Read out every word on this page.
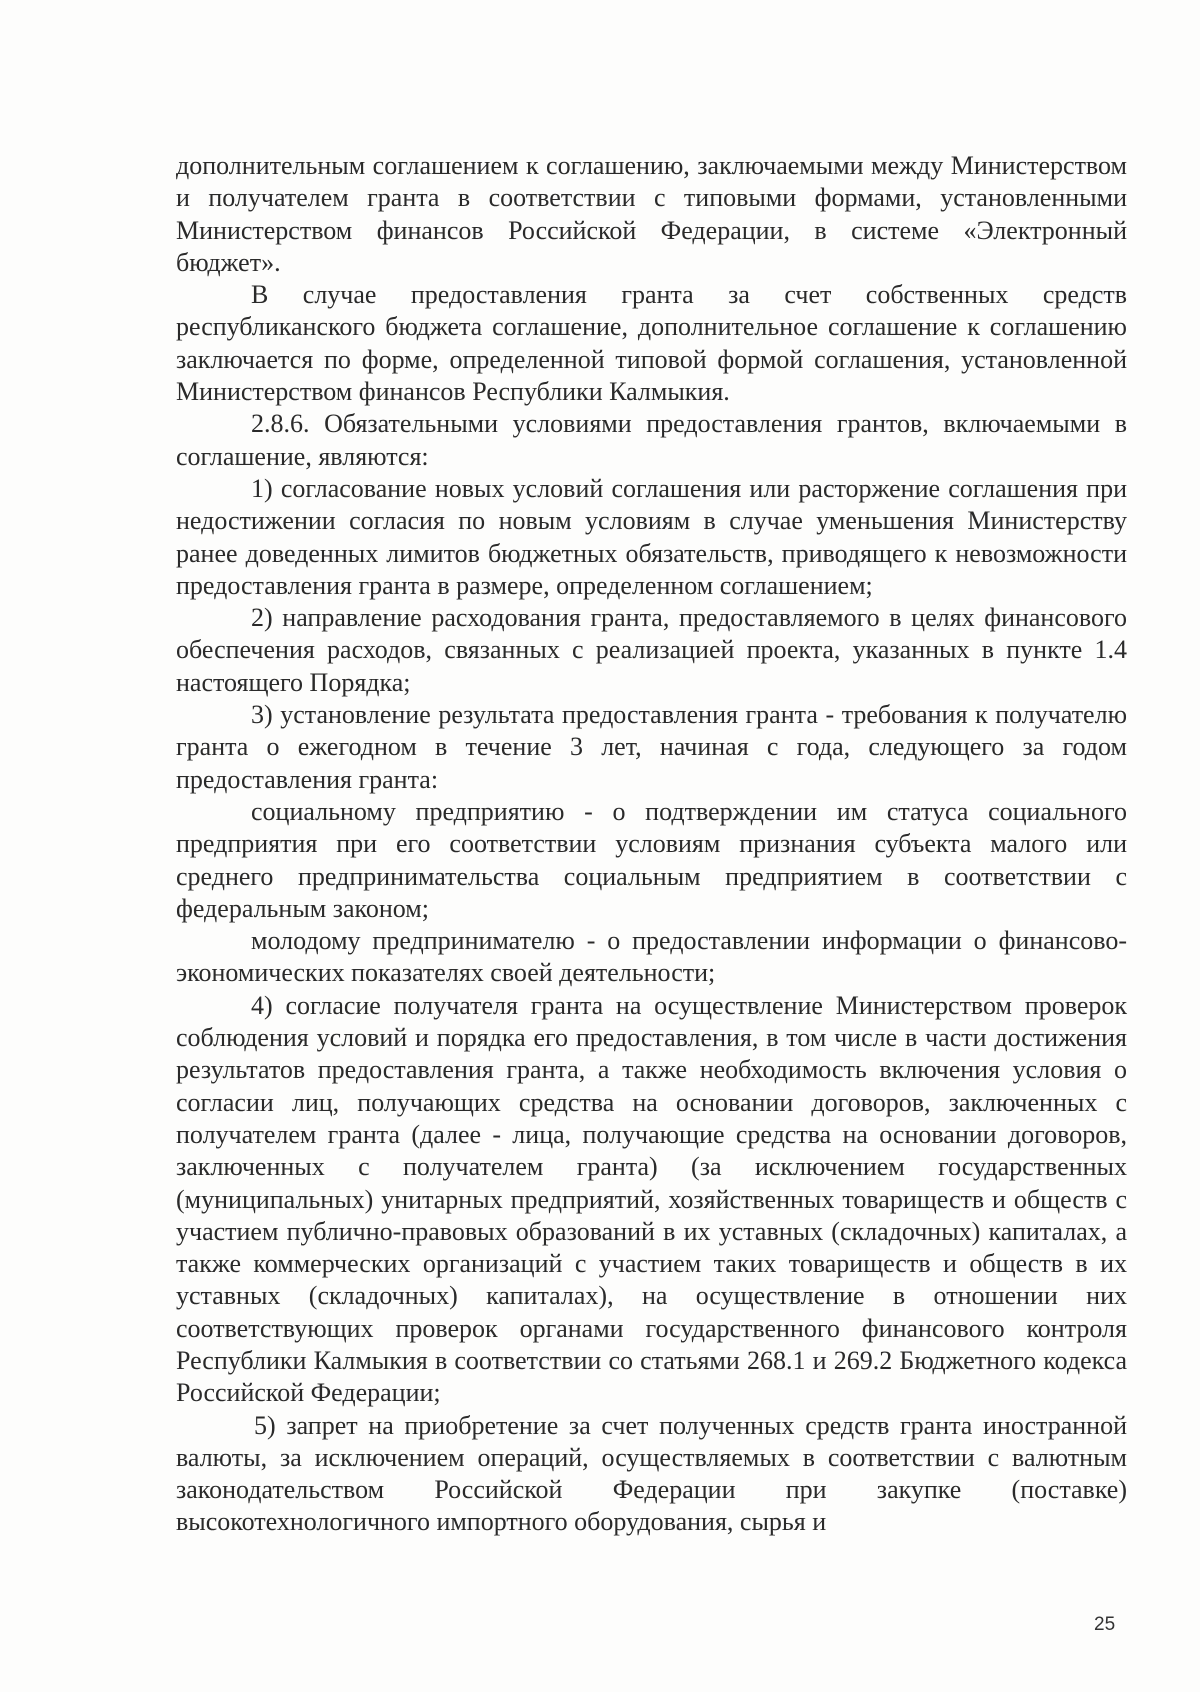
дополнительным соглашением к соглашению, заключаемыми между Министерством и получателем гранта в соответствии с типовыми формами, установленными Министерством финансов Российской Федерации, в системе «Электронный бюджет».

В случае предоставления гранта за счет собственных средств республиканского бюджета соглашение, дополнительное соглашение к соглашению заключается по форме, определенной типовой формой соглашения, установленной Министерством финансов Республики Калмыкия.

2.8.6. Обязательными условиями предоставления грантов, включаемыми в соглашение, являются:

1) согласование новых условий соглашения или расторжение соглашения при недостижении согласия по новым условиям в случае уменьшения Министерству ранее доведенных лимитов бюджетных обязательств, приводящего к невозможности предоставления гранта в размере, определенном соглашением;

2) направление расходования гранта, предоставляемого в целях финансового обеспечения расходов, связанных с реализацией проекта, указанных в пункте 1.4 настоящего Порядка;

3) установление результата предоставления гранта - требования к получателю гранта о ежегодном в течение 3 лет, начиная с года, следующего за годом предоставления гранта:

социальному предприятию - о подтверждении им статуса социального предприятия при его соответствии условиям признания субъекта малого или среднего предпринимательства социальным предприятием в соответствии с федеральным законом;

молодому предпринимателю - о предоставлении информации о финансово-экономических показателях своей деятельности;

4) согласие получателя гранта на осуществление Министерством проверок соблюдения условий и порядка его предоставления, в том числе в части достижения результатов предоставления гранта, а также необходимость включения условия о согласии лиц, получающих средства на основании договоров, заключенных с получателем гранта (далее - лица, получающие средства на основании договоров, заключенных с получателем гранта) (за исключением государственных (муниципальных) унитарных предприятий, хозяйственных товариществ и обществ с участием публично-правовых образований в их уставных (складочных) капиталах, а также коммерческих организаций с участием таких товариществ и обществ в их уставных (складочных) капиталах), на осуществление в отношении них соответствующих проверок органами государственного финансового контроля Республики Калмыкия в соответствии со статьями 268.1 и 269.2 Бюджетного кодекса Российской Федерации;

5) запрет на приобретение за счет полученных средств гранта иностранной валюты, за исключением операций, осуществляемых в соответствии с валютным законодательством Российской Федерации при закупке (поставке) высокотехнологичного импортного оборудования, сырья и

25
